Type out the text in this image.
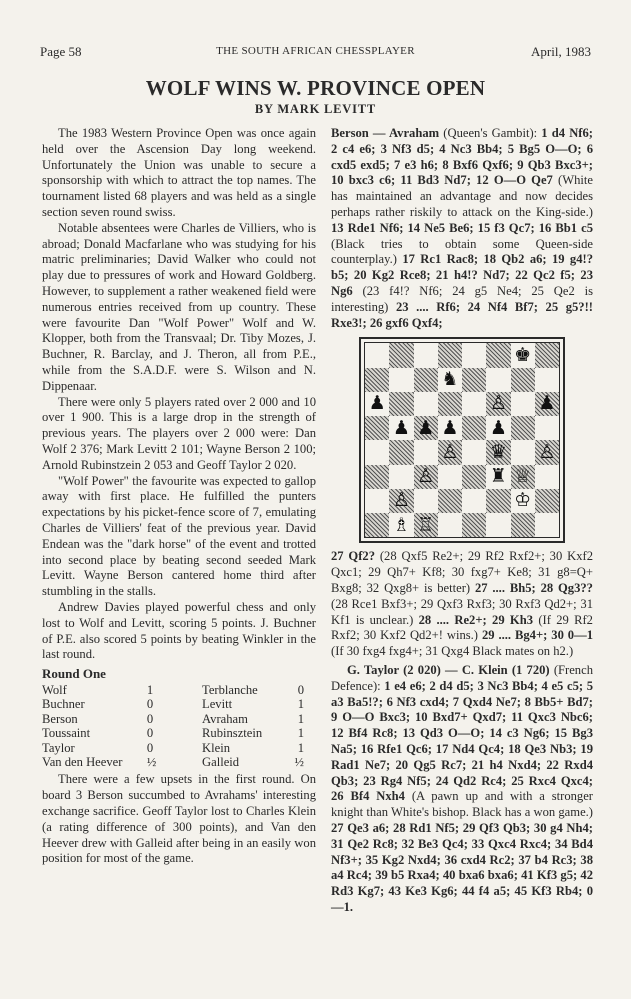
Page 58	THE SOUTH AFRICAN CHESSPLAYER	April, 1983
WOLF WINS W. PROVINCE OPEN
BY MARK LEVITT

The 1983 Western Province Open was once again held over the Ascension Day long weekend. Unfortunately the Union was unable to secure a sponsorship with which to attract the top names. The tournament listed 68 players and was held as a single section seven round swiss.

Notable absentees were Charles de Villiers, who is abroad; Donald Macfarlane who was studying for his matric preliminaries; David Walker who could not play due to pressures of work and Howard Goldberg. However, to supplement a rather weakened field were numerous entries received from up country. These were favourite Dan "Wolf Power" Wolf and W. Klopper, both from the Transvaal; Dr. Tiby Mozes, J. Buchner, R. Barclay, and J. Theron, all from P.E., while from the S.A.D.F. were S. Wilson and N. Dippenaar.

There were only 5 players rated over 2 000 and 10 over 1 900. This is a large drop in the strength of previous years. The players over 2 000 were: Dan Wolf 2 376; Mark Levitt 2 101; Wayne Berson 2 100; Arnold Rubinstzein 2 053 and Geoff Taylor 2 020.

"Wolf Power" the favourite was expected to gallop away with first place. He fulfilled the punters expectations by his picket-fence score of 7, emulating Charles de Villiers' feat of the previous year. David Endean was the "dark horse" of the event and trotted into second place by beating second seeded Mark Levitt. Wayne Berson cantered home third after stumbling in the stalls.

Andrew Davies played powerful chess and only lost to Wolf and Levitt, scoring 5 points. J. Buchner of P.E. also scored 5 points by beating Winkler in the last round.

Round One
Wolf	1	Terblanche	0
Buchner	0	Levitt	1
Berson	0	Avraham	1
Toussaint	0	Rubinsztein	1
Taylor	0	Klein	1
Van den Heever	½	Galleid	½

There were a few upsets in the first round. On board 3 Berson succumbed to Avrahams' interesting exchange sacrifice. Geoff Taylor lost to Charles Klein (a rating difference of 300 points), and Van den Heever drew with Galleid after being in an easily won position for most of the game.

Berson — Avraham (Queen's Gambit): 1 d4 Nf6; 2 c4 e6; 3 Nf3 d5; 4 Nc3 Bb4; 5 Bg5 O—O; 6 cxd5 exd5; 7 e3 h6; 8 Bxf6 Qxf6; 9 Qb3 Bxc3+; 10 bxc3 c6; 11 Bd3 Nd7; 12 O—O Qe7 (White has maintained an advantage and now decides perhaps rather riskily to attack on the King-side.) 13 Rde1 Nf6; 14 Ne5 Be6; 15 f3 Qc7; 16 Bb1 c5 (Black tries to obtain some Queen-side counterplay.) 17 Rc1 Rac8; 18 Qb2 a6; 19 g4!? b5; 20 Kg2 Rce8; 21 h4!? Nd7; 22 Qc2 f5; 23 Ng6 (23 f4!? Nf6; 24 g5 Ne4; 25 Qe2 is interesting) 23 .... Rf6; 24 Nf4 Bf7; 25 g5?!! Rxe3!; 26 gxf6 Qxf4;

♚
♞
♟	♙ ♟
♟ ♟ ♟ ♟
♙ ♛ ♙
♙	♜ ♕
♙	♔
♗ ♖

27 Qf2? (28 Qxf5 Re2+; 29 Rf2 Rxf2+; 30 Kxf2 Qxc1; 29 Qh7+ Kf8; 30 fxg7+ Ke8; 31 g8=Q+ Bxg8; 32 Qxg8+ is better) 27 .... Bh5; 28 Qg3?? (28 Rce1 Bxf3+; 29 Qxf3 Rxf3; 30 Rxf3 Qd2+; 31 Kf1 is unclear.) 28 .... Re2+; 29 Kh3 (If 29 Rf2 Rxf2; 30 Kxf2 Qd2+! wins.) 29 .... Bg4+; 30 0—1 (If 30 fxg4 fxg4+; 31 Qxg4 Black mates on h2.)

G. Taylor (2 020) — C. Klein (1 720) (French Defence): 1 e4 e6; 2 d4 d5; 3 Nc3 Bb4; 4 e5 c5; 5 a3 Ba5!?; 6 Nf3 cxd4; 7 Qxd4 Ne7; 8 Bb5+ Bd7; 9 O—O Bxc3; 10 Bxd7+ Qxd7; 11 Qxc3 Nbc6; 12 Bf4 Rc8; 13 Qd3 O—O; 14 c3 Ng6; 15 Bg3 Na5; 16 Rfe1 Qc6; 17 Nd4 Qc4; 18 Qe3 Nb3; 19 Rad1 Ne7; 20 Qg5 Rc7; 21 h4 Nxd4; 22 Rxd4 Qb3; 23 Rg4 Nf5; 24 Qd2 Rc4; 25 Rxc4 Qxc4; 26 Bf4 Nxh4 (A pawn up and with a stronger knight than White's bishop. Black has a won game.) 27 Qe3 a6; 28 Rd1 Nf5; 29 Qf3 Qb3; 30 g4 Nh4; 31 Qe2 Rc8; 32 Be3 Qc4; 33 Qxc4 Rxc4; 34 Bd4 Nf3+; 35 Kg2 Nxd4; 36 cxd4 Rc2; 37 b4 Rc3; 38 a4 Rc4; 39 b5 Rxa4; 40 bxa6 bxa6; 41 Kf3 g5; 42 Rd3 Kg7; 43 Ke3 Kg6; 44 f4 a5; 45 Kf3 Rb4; 0—1.
